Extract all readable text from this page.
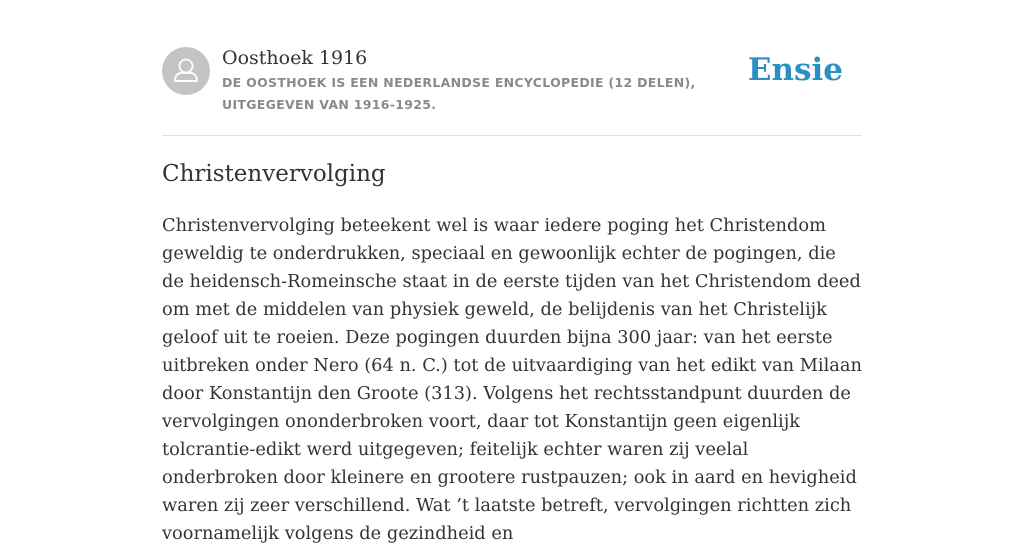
Oosthoek 1916
DE OOSTHOEK IS EEN NEDERLANDSE ENCYCLOPEDIE (12 DELEN), UITGEGEVEN VAN 1916-1925.
Ensie
Christenvervolging

Christenvervolging beteekent wel is waar iedere poging het Christendom geweldig te onderdrukken, speciaal en gewoonlijk echter de pogingen, die de heidensch-Romeinsche staat in de eerste tijden van het Christendom deed om met de middelen van physiek geweld, de belijdenis van het Christelijk geloof uit te roeien. Deze pogingen duurden bijna 300 jaar: van het eerste uitbreken onder Nero (64 n. C.) tot de uitvaardiging van het edikt van Milaan door Konstantijn den Groote (313). Volgens het rechtsstandpunt duurden de vervolgingen ononderbroken voort, daar tot Konstantijn geen eigenlijk tolcrantie-edikt werd uitgegeven; feitelijk echter waren zij veelal onderbroken door kleinere en grootere rustpauzen; ook in aard en hevigheid waren zij zeer verschillend. Wat ’t laatste betreft, vervolgingen richtten zich voornamelijk volgens de gezindheid en
